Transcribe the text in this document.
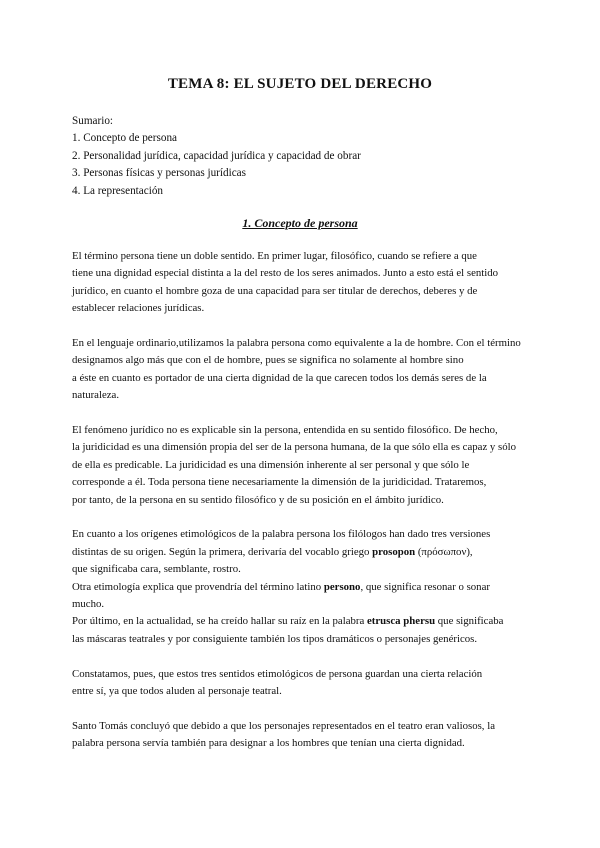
TEMA 8: EL SUJETO DEL DERECHO
Sumario:
1. Concepto de persona
2. Personalidad jurídica, capacidad jurídica y capacidad de obrar
3. Personas físicas y personas jurídicas
4. La representación
1. Concepto de persona

El término persona tiene un doble sentido. En primer lugar, filosófico, cuando se refiere a que
tiene una dignidad especial distinta a la del resto de los seres animados. Junto a esto está el sentido
jurídico, en cuanto el hombre goza de una capacidad para ser titular de derechos, deberes y de
establecer relaciones jurídicas.

En el lenguaje ordinario,utilizamos la palabra persona como equivalente a la de hombre. Con el término
designamos algo más que con el de hombre, pues se significa no solamente al hombre sino
a éste en cuanto es portador de una cierta dignidad de la que carecen todos los demás seres de la
naturaleza.

El fenómeno jurídico no es explicable sin la persona, entendida en su sentido filosófico. De hecho,
la juridicidad es una dimensión propia del ser de la persona humana, de la que sólo ella es capaz y sólo
de ella es predicable. La juridicidad es una dimensión inherente al ser personal y que sólo le
corresponde a él. Toda persona tiene necesariamente la dimensión de la juridicidad. Trataremos,
por tanto, de la persona en su sentido filosófico y de su posición en el ámbito jurídico.

En cuanto a los orígenes etimológicos de la palabra persona los filólogos han dado tres versiones
distintas de su origen. Según la primera, derivaría del vocablo griego prosopon (πρόσωπον),
que significaba cara, semblante, rostro.
Otra etimología explica que provendría del término latino persono, que significa resonar o sonar
mucho.
Por último, en la actualidad, se ha creído hallar su raíz en la palabra etrusca phersu que significaba
las máscaras teatrales y por consiguiente también los tipos dramáticos o personajes genéricos.

Constatamos, pues, que estos tres sentidos etimológicos de persona guardan una cierta relación
entre sí, ya que todos aluden al personaje teatral.

Santo Tomás concluyó que debido a que los personajes representados en el teatro eran valiosos, la
palabra persona servía también para designar a los hombres que tenían una cierta dignidad.
